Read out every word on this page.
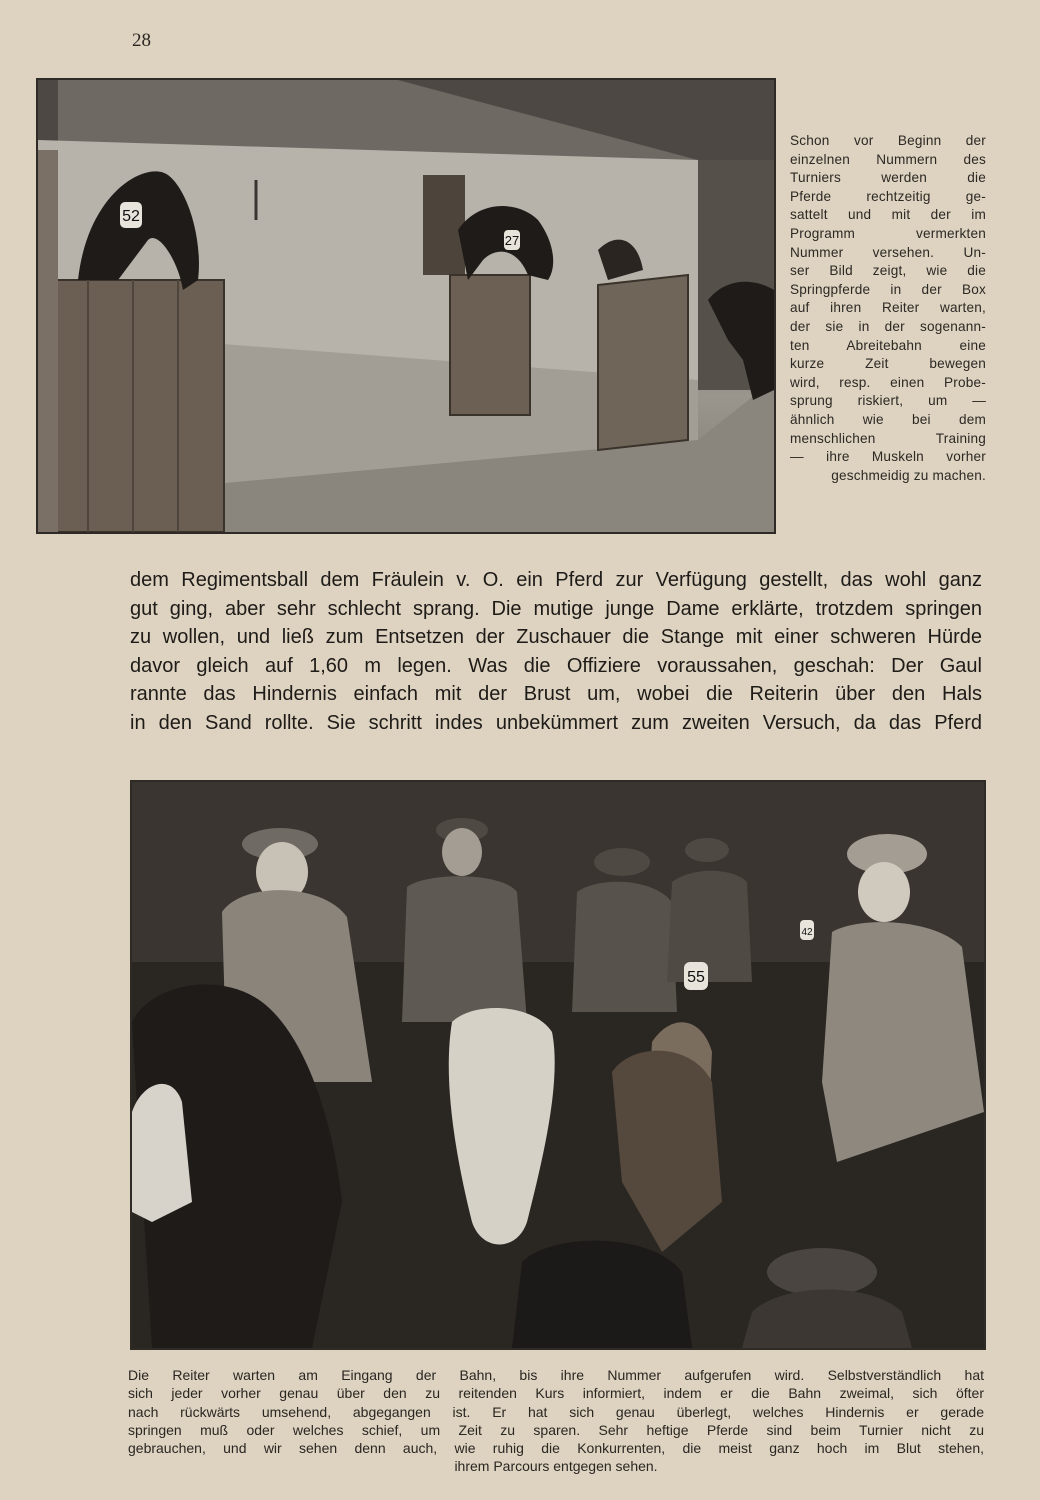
28
52
27
Schon vor Beginn der
einzelnen Nummern des
Turniers werden die
Pferde rechtzeitig ge-
sattelt und mit der im
Programm vermerkten
Nummer versehen. Un-
ser Bild zeigt, wie die
Springpferde in der Box
auf ihren Reiter warten,
der sie in der sogenann-
ten Abreitebahn eine
kurze Zeit bewegen
wird, resp. einen Probe-
sprung riskiert, um —
ähnlich wie bei dem
menschlichen Training
— ihre Muskeln vorher
geschmeidig zu machen.
dem Regimentsball dem Fräulein v. O. ein Pferd zur Verfügung gestellt, das wohl ganz
gut ging, aber sehr schlecht sprang. Die mutige junge Dame erklärte, trotzdem springen
zu wollen, und ließ zum Entsetzen der Zuschauer die Stange mit einer schweren Hürde
davor gleich auf 1,60 m legen. Was die Offiziere voraussahen, geschah: Der Gaul
rannte das Hindernis einfach mit der Brust um, wobei die Reiterin über den Hals
in den Sand rollte. Sie schritt indes unbekümmert zum zweiten Versuch, da das Pferd
55
42
Die Reiter warten am Eingang der Bahn, bis ihre Nummer aufgerufen wird. Selbstverständlich hat
sich jeder vorher genau über den zu reitenden Kurs informiert, indem er die Bahn zweimal, sich öfter
nach rückwärts umsehend, abgegangen ist. Er hat sich genau überlegt, welches Hindernis er gerade
springen muß oder welches schief, um Zeit zu sparen. Sehr heftige Pferde sind beim Turnier nicht zu
gebrauchen, und wir sehen denn auch, wie ruhig die Konkurrenten, die meist ganz hoch im Blut stehen,
ihrem Parcours entgegen sehen.
